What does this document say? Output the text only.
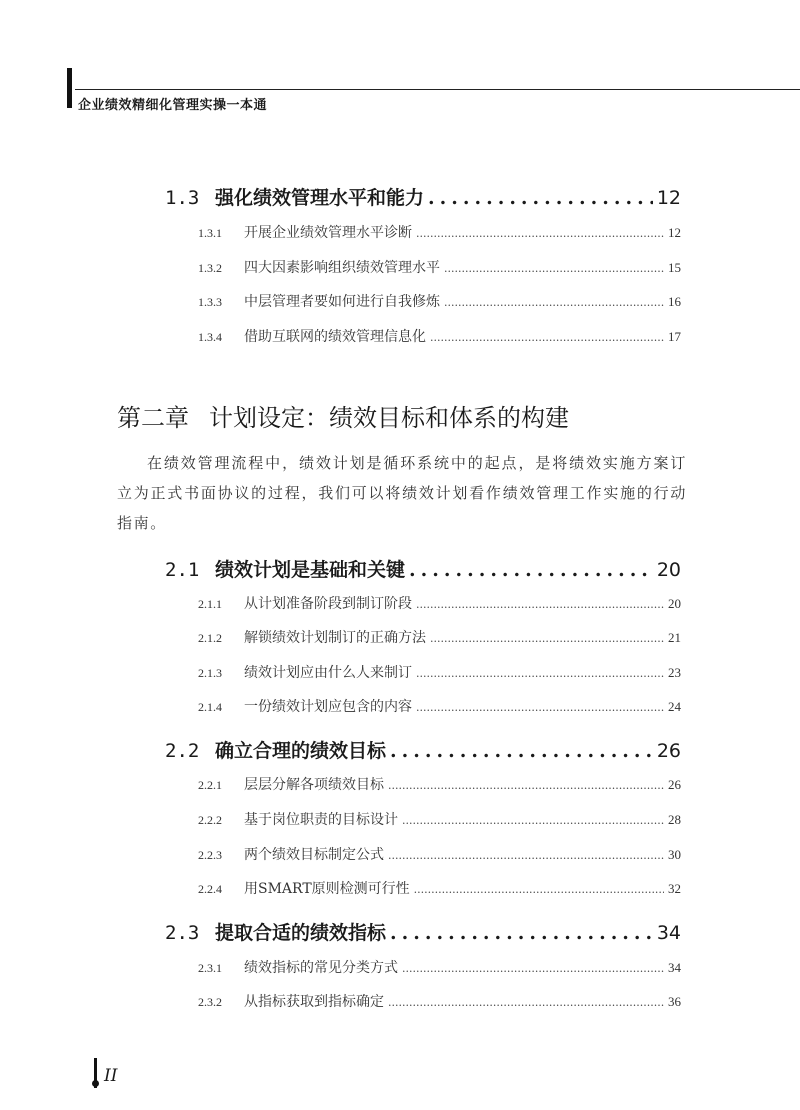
企业绩效精细化管理实操一本通
1.3 强化绩效管理水平和能力 .....	12
1.3.1	开展企业绩效管理水平诊断 .....	12
1.3.2	四大因素影响组织绩效管理水平 .....	15
1.3.3	中层管理者要如何进行自我修炼 .....	16
1.3.4	借助互联网的绩效管理信息化 .....	17
第二章 计划设定：绩效目标和体系的构建
在绩效管理流程中，绩效计划是循环系统中的起点，是将绩效实施方案订立为正式书面协议的过程，我们可以将绩效计划看作绩效管理工作实施的行动指南。
2.1 绩效计划是基础和关键 .....	20
2.1.1	从计划准备阶段到制订阶段 .....	20
2.1.2	解锁绩效计划制订的正确方法 .....	21
2.1.3	绩效计划应由什么人来制订 .....	23
2.1.4	一份绩效计划应包含的内容 .....	24
2.2 确立合理的绩效目标 .....	26
2.2.1	层层分解各项绩效目标 .....	26
2.2.2	基于岗位职责的目标设计 .....	28
2.2.3	两个绩效目标制定公式 .....	30
2.2.4	用SMART原则检测可行性 .....	32
2.3 提取合适的绩效指标 .....	34
2.3.1	绩效指标的常见分类方式 .....	34
2.3.2	从指标获取到指标确定 .....	36
II
